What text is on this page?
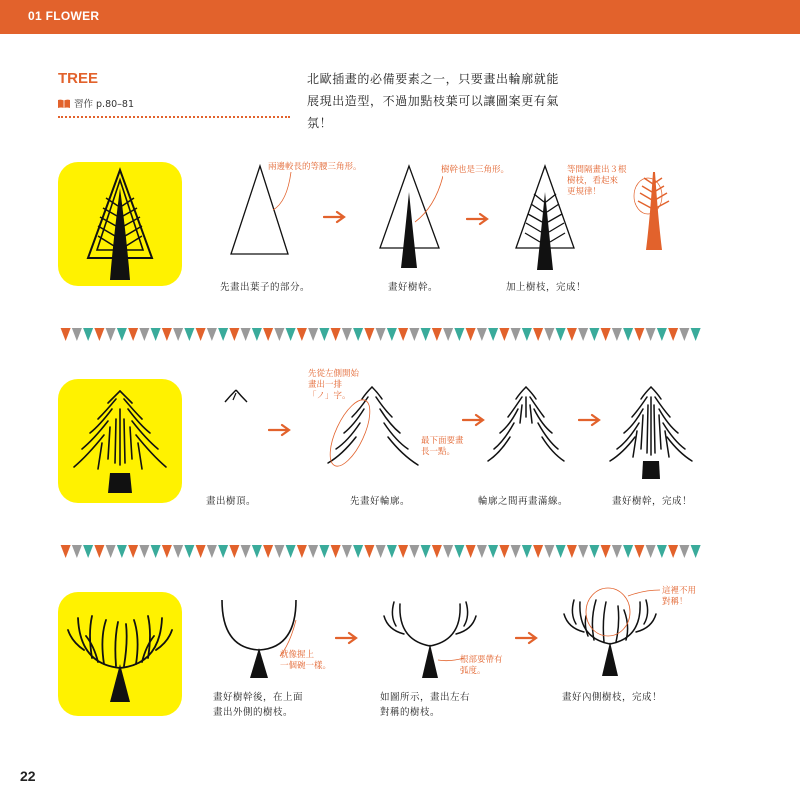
01 FLOWER
TREE
習作 p.80–81
北歐插畫的必備要素之一，只要畫出輪廓就能展現出造型，不過加點枝葉可以讓圖案更有氣氛！
兩邊較長的等腰三角形。	樹幹也是三角形。	等間隔畫出３根
樹枝，看起來
更規律！
先畫出葉子的部分。	畫好樹幹。	加上樹枝，完成！
先從左側開始
畫出一排
「ノ」字。
最下面要畫
長一點。
畫出樹頂。	先畫好輪廓。	輪廓之間再畫滿線。	畫好樹幹，完成！
就像握上
一個碗一樣。
根部要帶有
弧度。
這裡不用
對稱！
畫好樹幹後，在上面
畫出外側的樹枝。
如圖所示，畫出左右
對稱的樹枝。
畫好內側樹枝，完成！
22
